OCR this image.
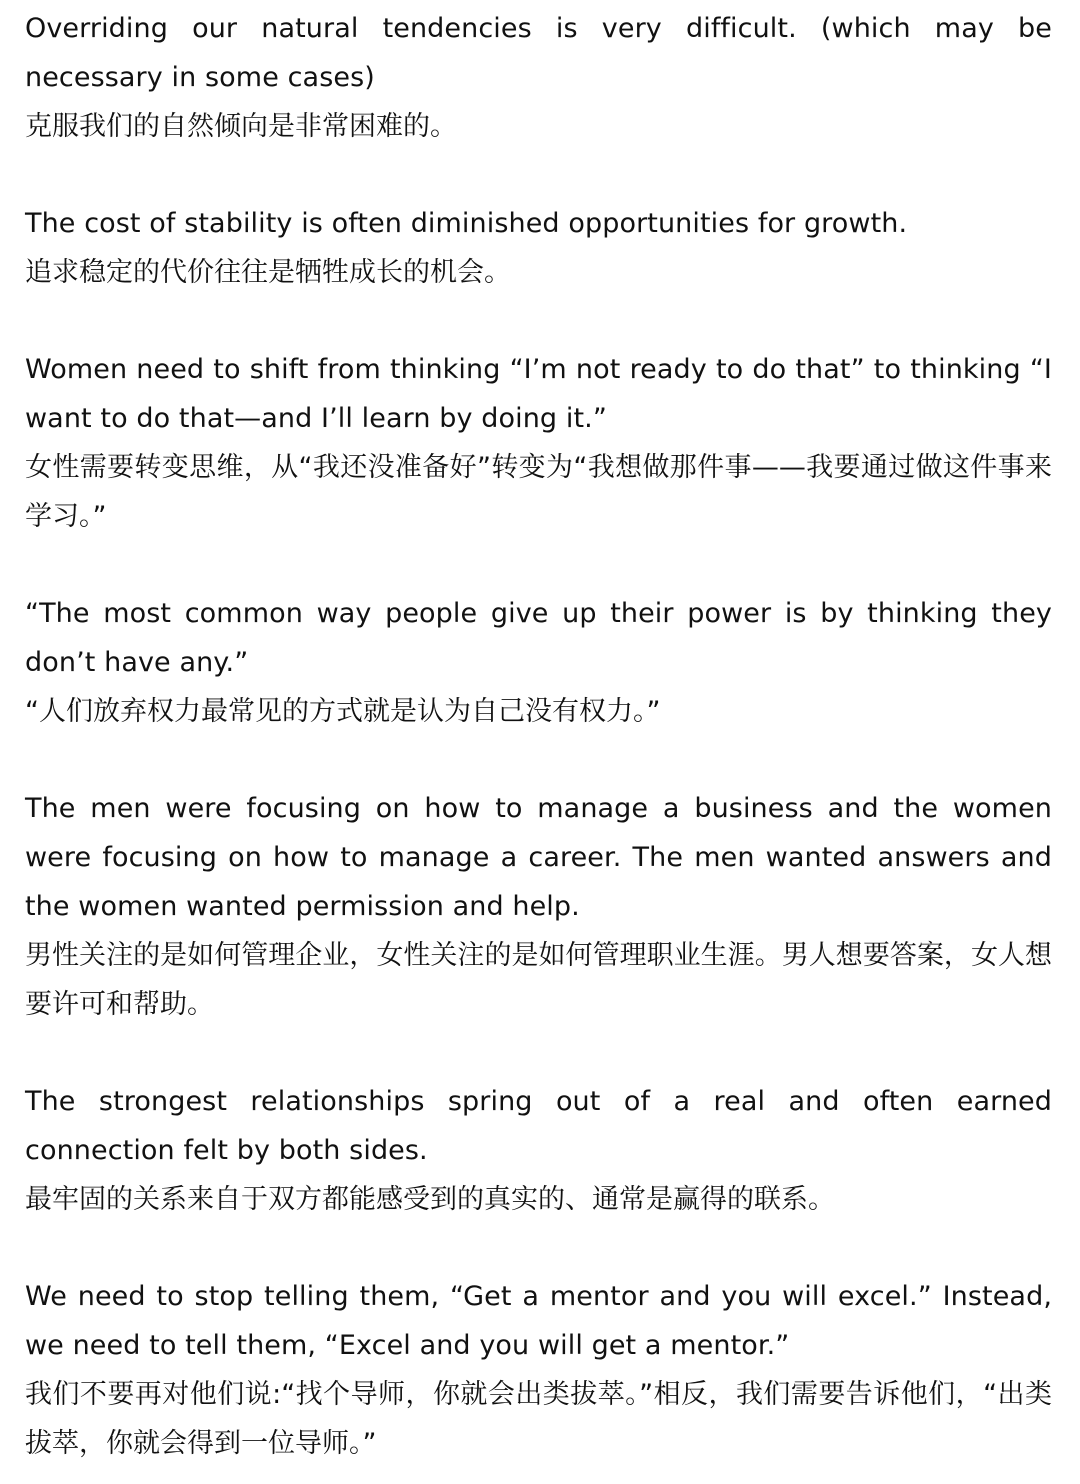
Overriding our natural tendencies is very difficult. (which may be necessary in some cases)

克服我们的自然倾向是非常困难的。

The cost of stability is often diminished opportunities for growth.

追求稳定的代价往往是牺牲成长的机会。

Women need to shift from thinking “I’m not ready to do that” to thinking “I want to do that—and I’ll learn by doing it.”

女性需要转变思维，从“我还没准备好”转变为“我想做那件事——我要通过做这件事来学习。”

“The most common way people give up their power is by thinking they don’t have any.”

“人们放弃权力最常见的方式就是认为自己没有权力。”

The men were focusing on how to manage a business and the women were focusing on how to manage a career. The men wanted answers and the women wanted permission and help.

男性关注的是如何管理企业，女性关注的是如何管理职业生涯。男人想要答案，女人想要许可和帮助。

The strongest relationships spring out of a real and often earned connection felt by both sides.

最牢固的关系来自于双方都能感受到的真实的、通常是赢得的联系。

We need to stop telling them, “Get a mentor and you will excel.” Instead, we need to tell them, “Excel and you will get a mentor.”

我们不要再对他们说:“找个导师，你就会出类拔萃。”相反，我们需要告诉他们，“出类拔萃，你就会得到一位导师。”
